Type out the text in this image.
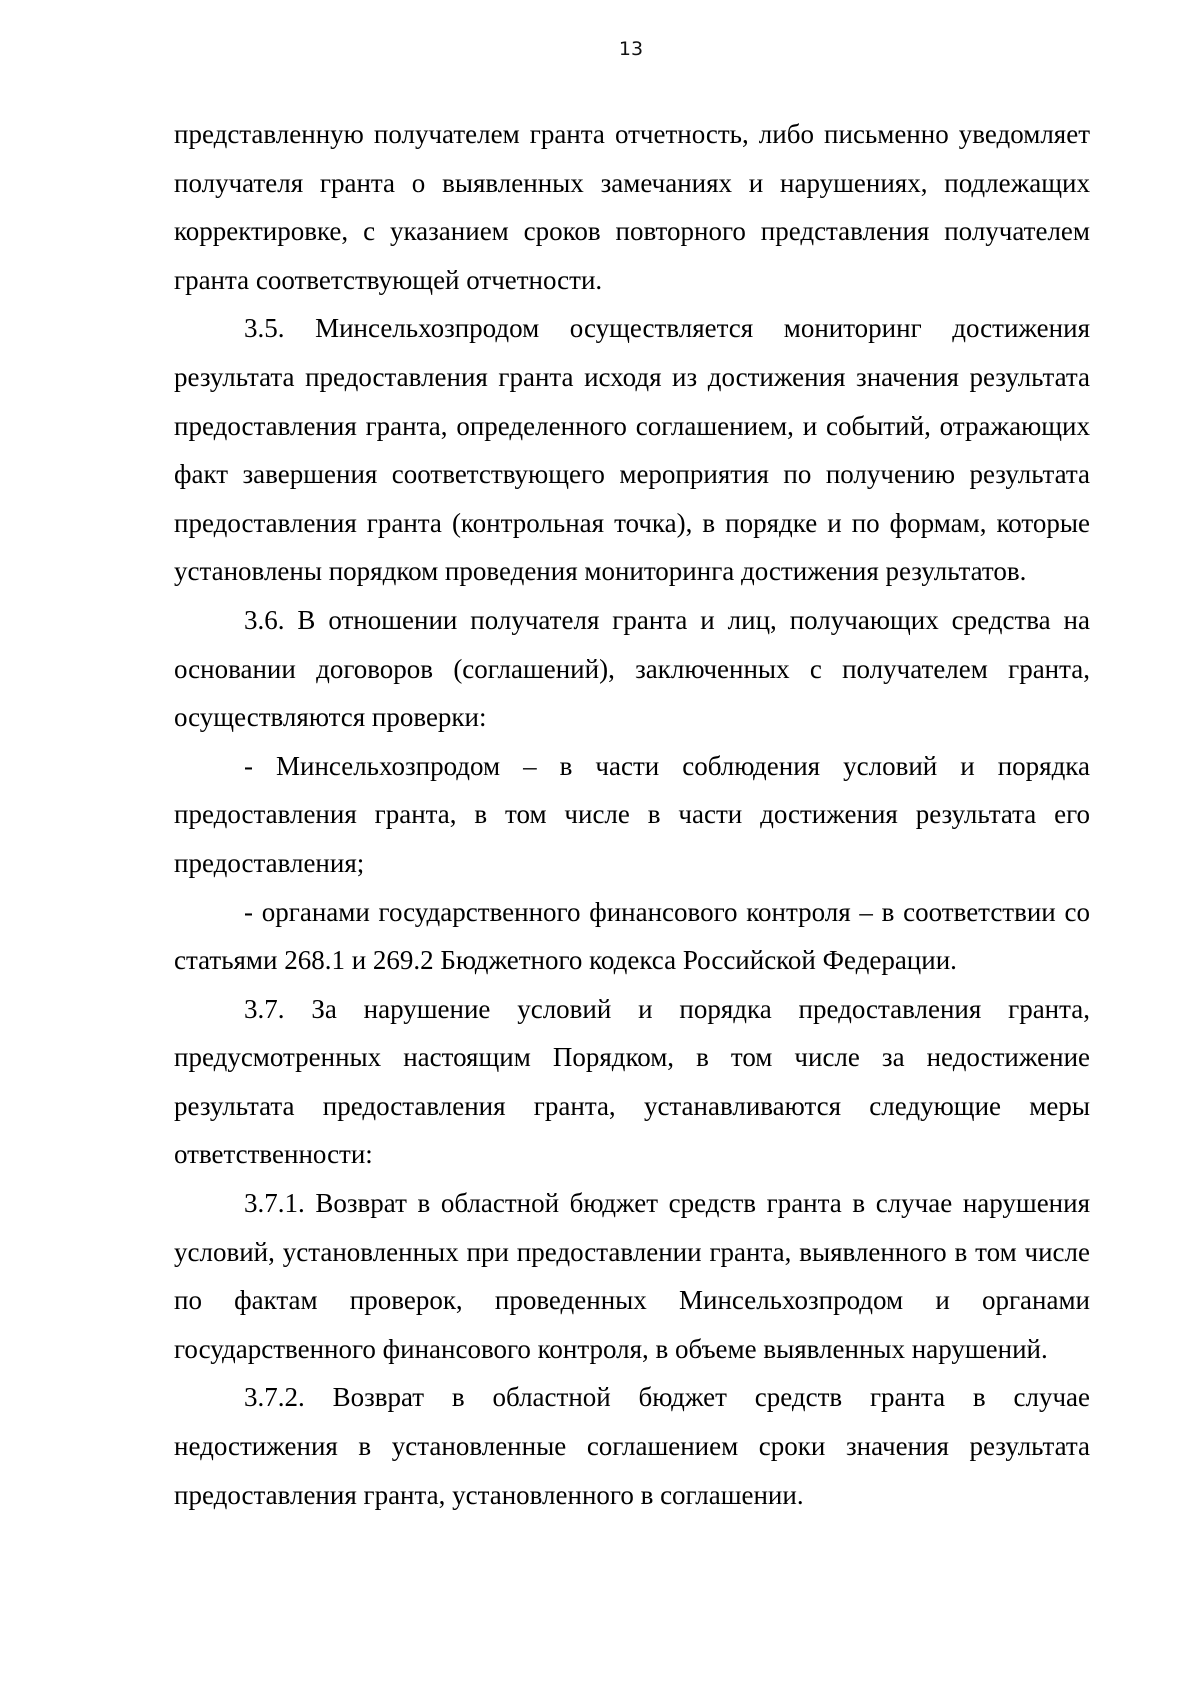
13

представленную получателем гранта отчетность, либо письменно уведомляет получателя гранта о выявленных замечаниях и нарушениях, подлежащих корректировке, с указанием сроков повторного представления получателем гранта соответствующей отчетности.

3.5. Минсельхозпродом осуществляется мониторинг достижения результата предоставления гранта исходя из достижения значения результата предоставления гранта, определенного соглашением, и событий, отражающих факт завершения соответствующего мероприятия по получению результата предоставления гранта (контрольная точка), в порядке и по формам, которые установлены порядком проведения мониторинга достижения результатов.

3.6. В отношении получателя гранта и лиц, получающих средства на основании договоров (соглашений), заключенных с получателем гранта, осуществляются проверки:

- Минсельхозпродом – в части соблюдения условий и порядка предоставления гранта, в том числе в части достижения результата его предоставления;

- органами государственного финансового контроля – в соответствии со статьями 268.1 и 269.2 Бюджетного кодекса Российской Федерации.

3.7. За нарушение условий и порядка предоставления гранта, предусмотренных настоящим Порядком, в том числе за недостижение результата предоставления гранта, устанавливаются следующие меры ответственности:

3.7.1. Возврат в областной бюджет средств гранта в случае нарушения условий, установленных при предоставлении гранта, выявленного в том числе по фактам проверок, проведенных Минсельхозпродом и органами государственного финансового контроля, в объеме выявленных нарушений.

3.7.2. Возврат в областной бюджет средств гранта в случае недостижения в установленные соглашением сроки значения результата предоставления гранта, установленного в соглашении.
